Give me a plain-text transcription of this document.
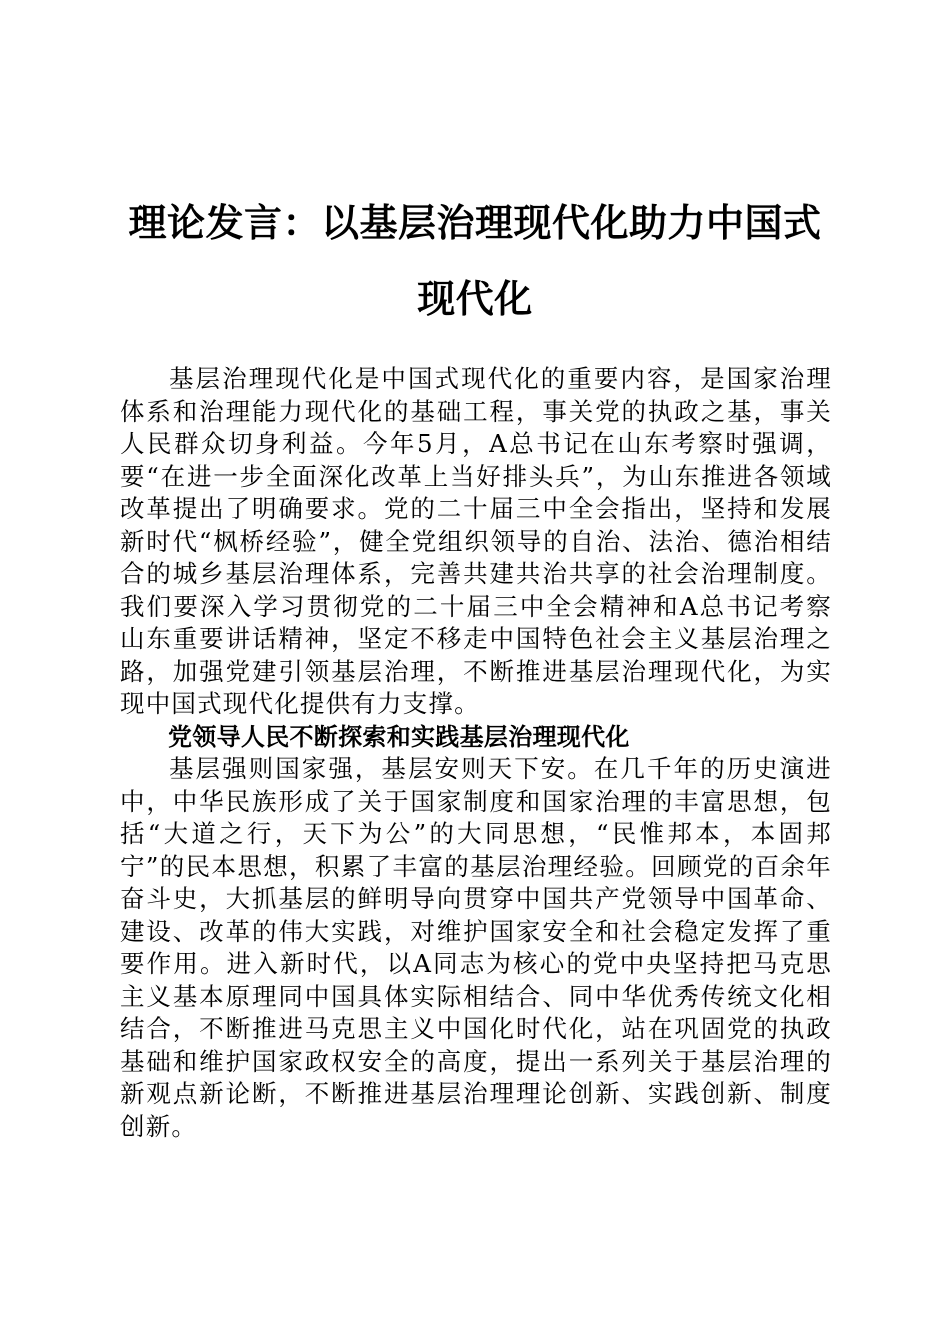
理论发言：以基层治理现代化助力中国式现代化

基层治理现代化是中国式现代化的重要内容，是国家治理体系和治理能力现代化的基础工程，事关党的执政之基，事关人民群众切身利益。今年5月，A总书记在山东考察时强调，要“在进一步全面深化改革上当好排头兵”，为山东推进各领域改革提出了明确要求。党的二十届三中全会指出，坚持和发展新时代“枫桥经验”，健全党组织领导的自治、法治、德治相结合的城乡基层治理体系，完善共建共治共享的社会治理制度。我们要深入学习贯彻党的二十届三中全会精神和A总书记考察山东重要讲话精神，坚定不移走中国特色社会主义基层治理之路，加强党建引领基层治理，不断推进基层治理现代化，为实现中国式现代化提供有力支撑。

党领导人民不断探索和实践基层治理现代化

基层强则国家强，基层安则天下安。在几千年的历史演进中，中华民族形成了关于国家制度和国家治理的丰富思想，包括“大道之行，天下为公”的大同思想，“民惟邦本，本固邦宁”的民本思想，积累了丰富的基层治理经验。回顾党的百余年奋斗史，大抓基层的鲜明导向贯穿中国共产党领导中国革命、建设、改革的伟大实践，对维护国家安全和社会稳定发挥了重要作用。进入新时代，以A同志为核心的党中央坚持把马克思主义基本原理同中国具体实际相结合、同中华优秀传统文化相结合，不断推进马克思主义中国化时代化，站在巩固党的执政基础和维护国家政权安全的高度，提出一系列关于基层治理的新观点新论断，不断推进基层治理理论创新、实践创新、制度创新。
